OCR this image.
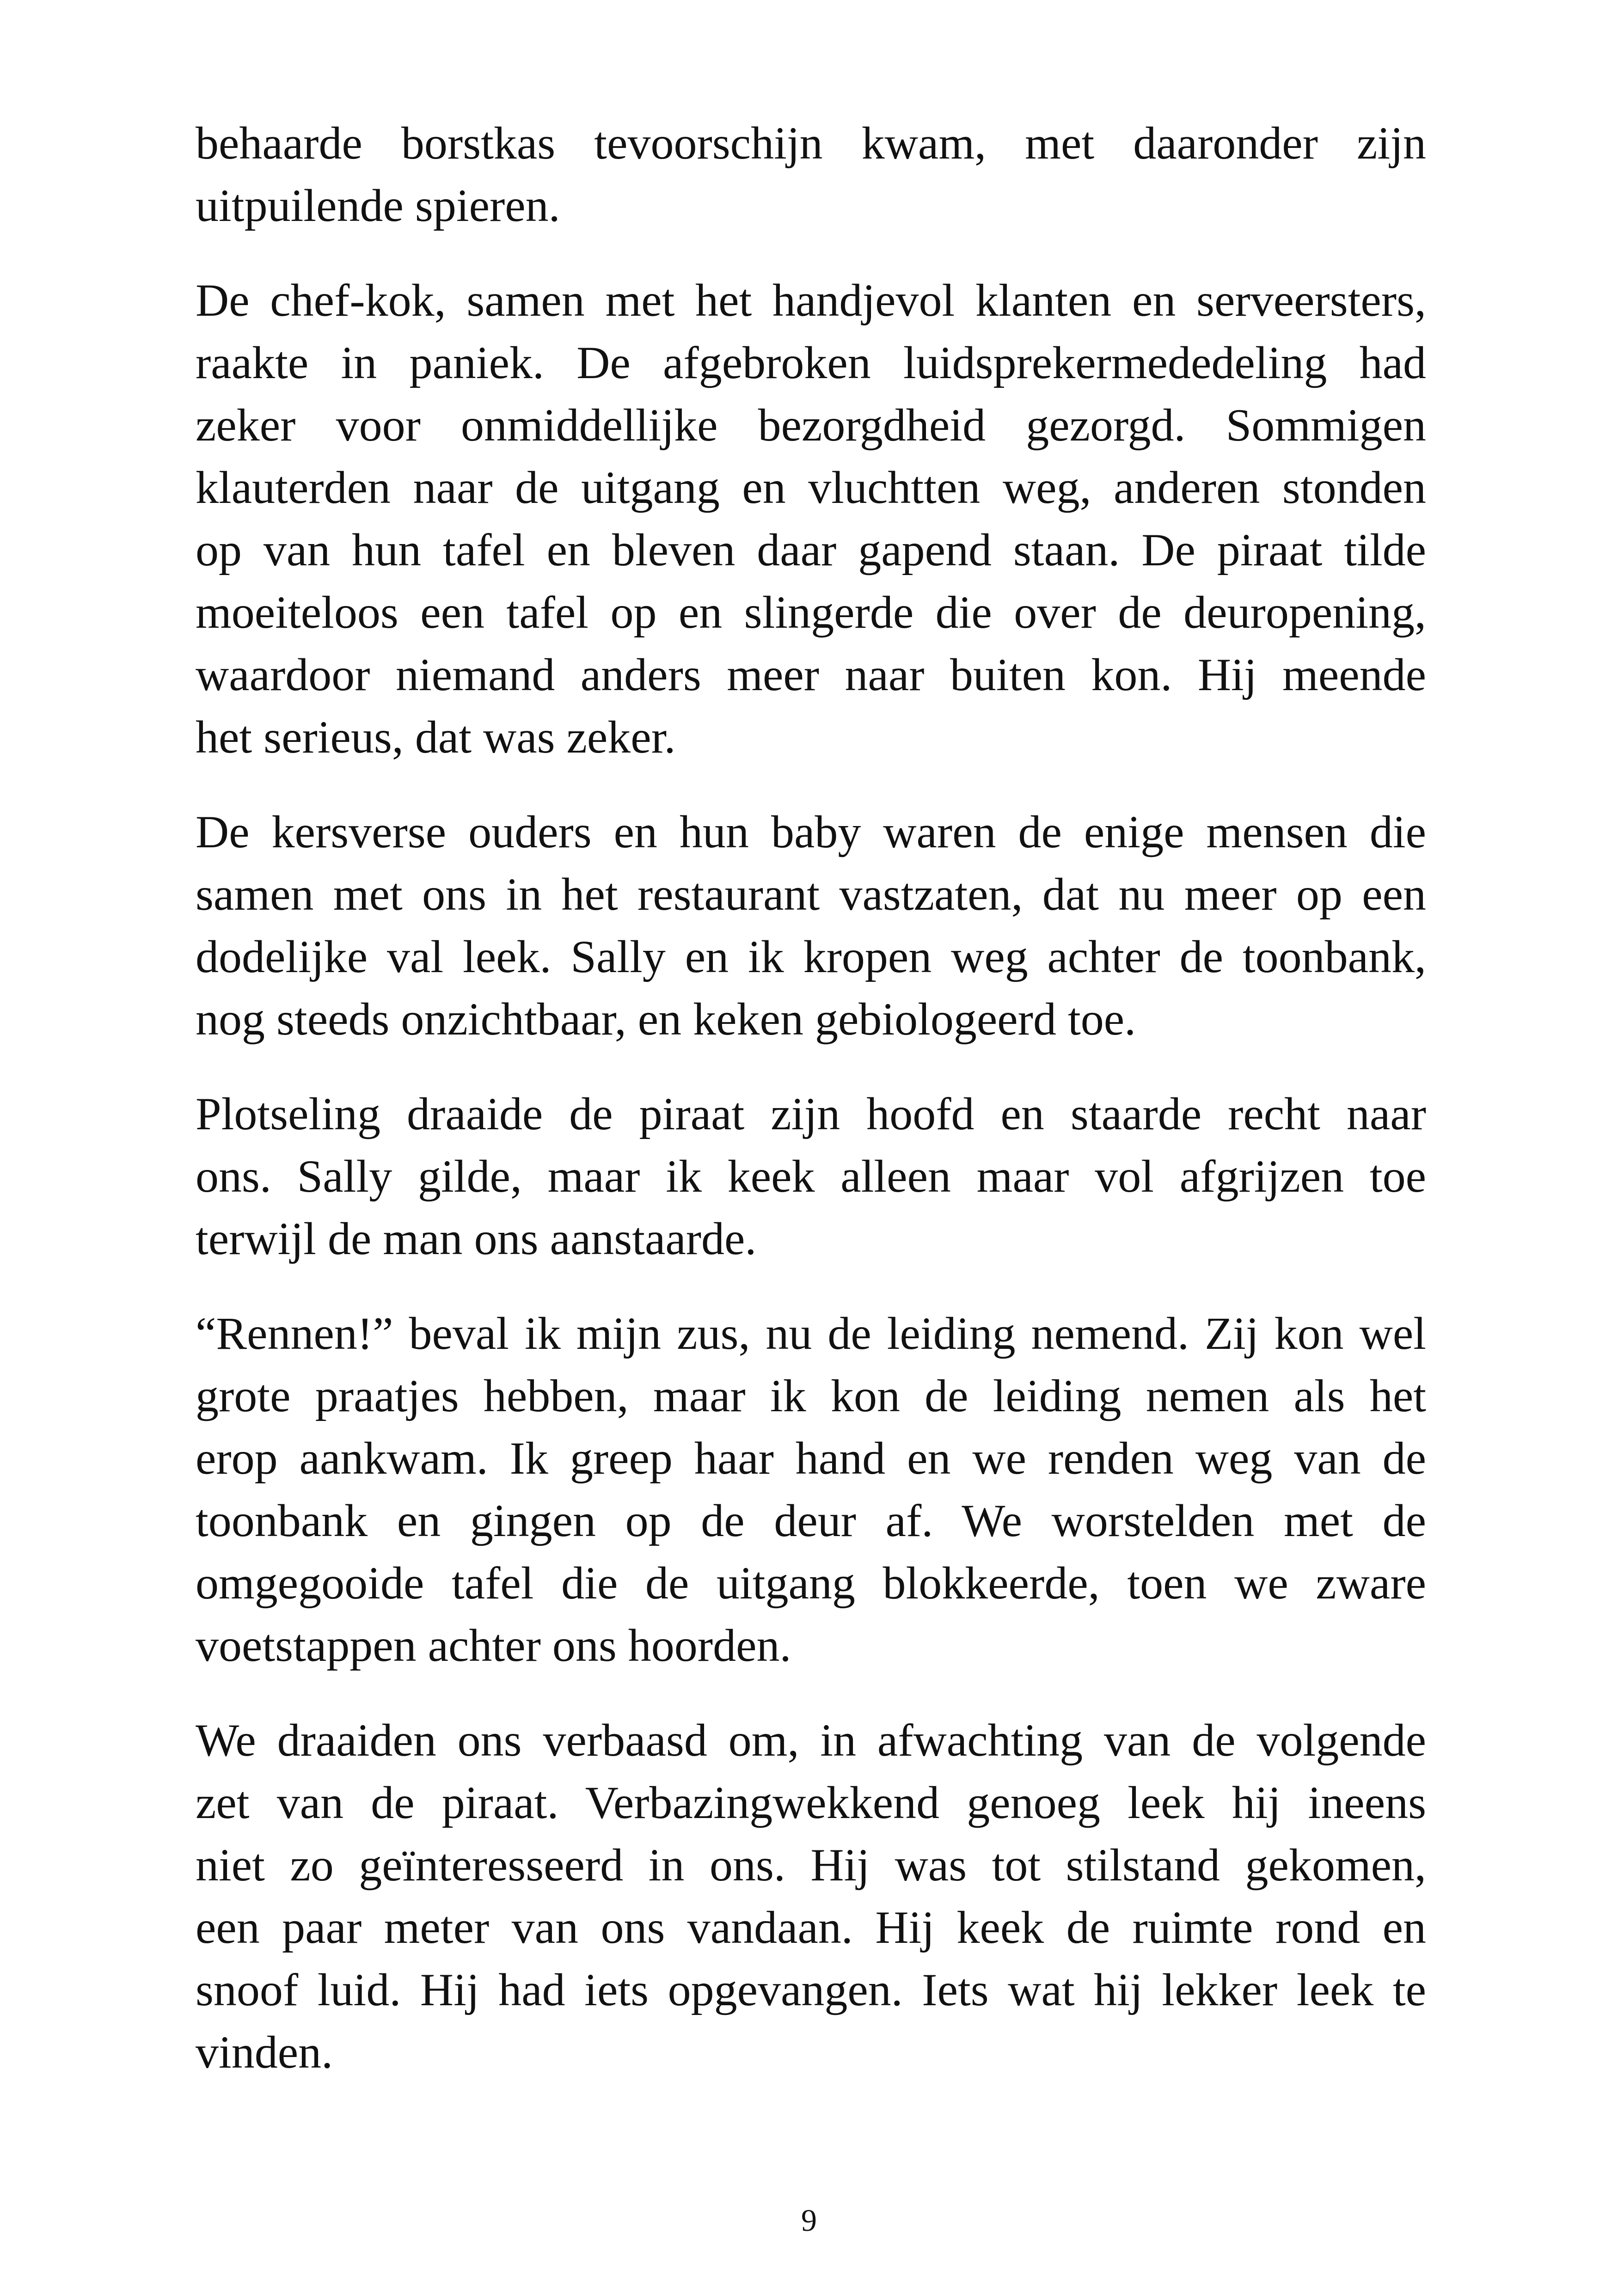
behaarde borstkas tevoorschijn kwam, met daaronder zijn
uitpuilende spieren.

De chef-kok, samen met het handjevol klanten en serveersters,
raakte in paniek. De afgebroken luidsprekermededeling had
zeker voor onmiddellijke bezorgdheid gezorgd. Sommigen
klauterden naar de uitgang en vluchtten weg, anderen stonden
op van hun tafel en bleven daar gapend staan. De piraat tilde
moeiteloos een tafel op en slingerde die over de deuropening,
waardoor niemand anders meer naar buiten kon. Hij meende
het serieus, dat was zeker.

De kersverse ouders en hun baby waren de enige mensen die
samen met ons in het restaurant vastzaten, dat nu meer op een
dodelijke val leek. Sally en ik kropen weg achter de toonbank,
nog steeds onzichtbaar, en keken gebiologeerd toe.

Plotseling draaide de piraat zijn hoofd en staarde recht naar
ons. Sally gilde, maar ik keek alleen maar vol afgrijzen toe
terwijl de man ons aanstaarde.

“Rennen!” beval ik mijn zus, nu de leiding nemend. Zij kon wel
grote praatjes hebben, maar ik kon de leiding nemen als het
erop aankwam. Ik greep haar hand en we renden weg van de
toonbank en gingen op de deur af. We worstelden met de
omgegooide tafel die de uitgang blokkeerde, toen we zware
voetstappen achter ons hoorden.

We draaiden ons verbaasd om, in afwachting van de volgende
zet van de piraat. Verbazingwekkend genoeg leek hij ineens
niet zo geïnteresseerd in ons. Hij was tot stilstand gekomen,
een paar meter van ons vandaan. Hij keek de ruimte rond en
snoof luid. Hij had iets opgevangen. Iets wat hij lekker leek te
vinden.

9
